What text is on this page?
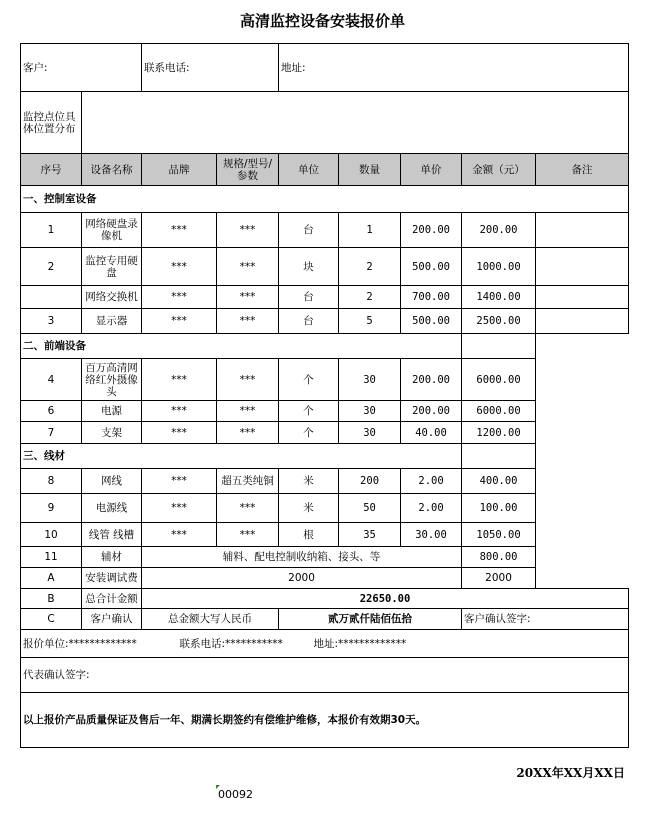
高清监控设备安装报价单
客户:		联系电话:		地址:				
监控点位具体位置分布								
序号	设备名称	品牌	规格/型号/参数	单位	数量	单价	金额（元）	备注
一、控制室设备								
1	网络硬盘录像机	***	***	台	1	200.00	200.00	
2	监控专用硬盘	***	***	块	2	500.00	1000.00	
	网络交换机	***	***	台	2	700.00	1400.00	
3	显示器	***	***	台	5	500.00	2500.00	
二、前端设备								
4	百万高清网络红外摄像头	***	***	个	30	200.00	6000.00	
6	电源	***	***	个	30	200.00	6000.00	
7	支架	***	***	个	30	40.00	1200.00	
三、线材								
8	网线	***	超五类纯铜	米	200	2.00	400.00	
9	电源线	***	***	米	50	2.00	100.00	
10	线管 线槽	***	***	根	35	30.00	1050.00	
11	辅材	辅料、配电控制收纳箱、接头、等					800.00	
A	安装调试费	2000					2000	
B	总合计金额	22650.00						
C	客户确认	总金额大写人民币		贰万贰仟陆佰伍拾			客户确认签字:	
报价单位:************* 联系电话:*********** 地址:*************								
代表确认签字:								
以上报价产品质量保证及售后一年、期满长期签约有偿维护维修，本报价有效期30天。								
20XX年XX月XX日
00092
